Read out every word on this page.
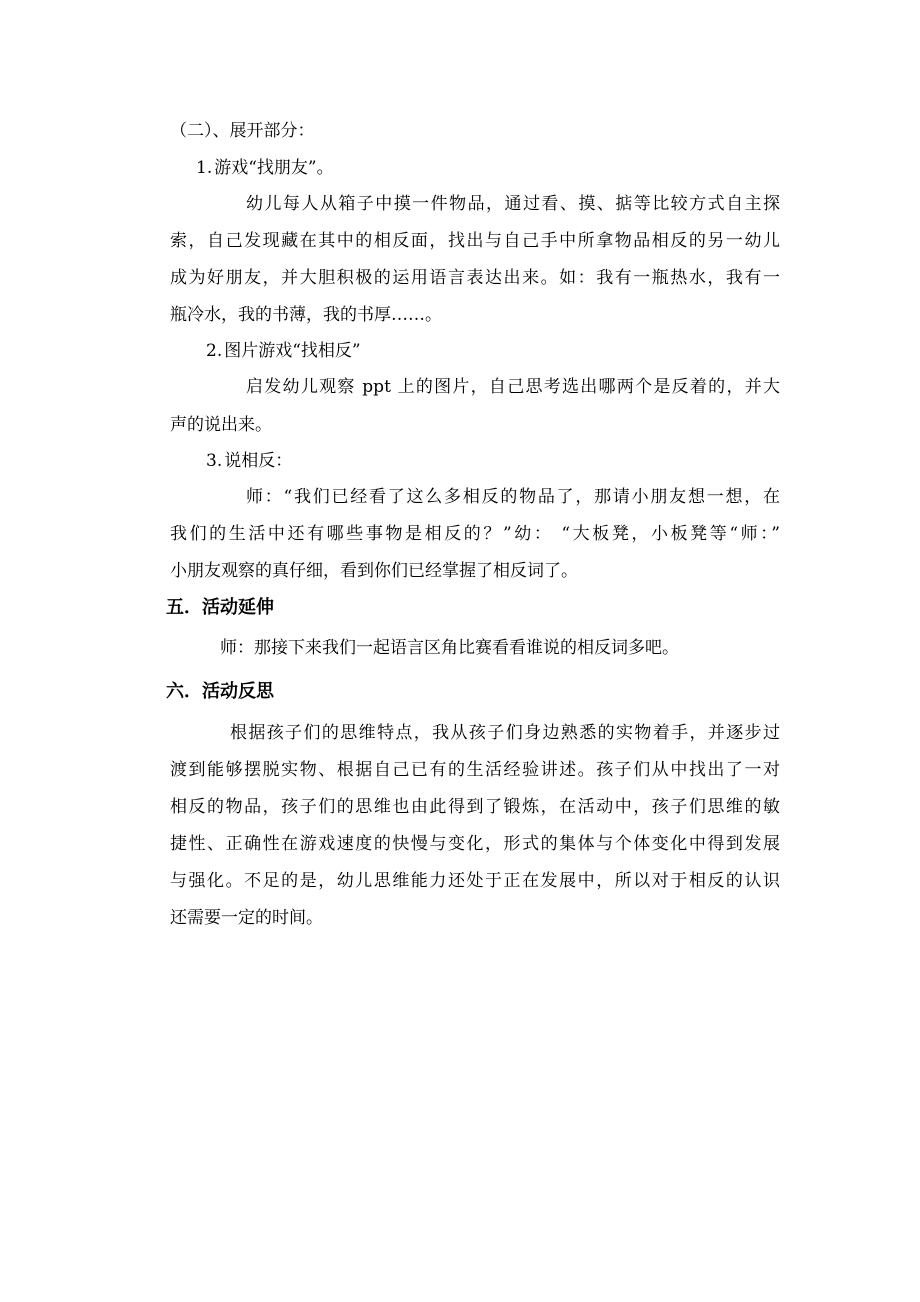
（二）、展开部分：
1. 游戏“找朋友”。
幼儿每人从箱子中摸一件物品，通过看、摸、掂等比较方式自主探
索，自己发现藏在其中的相反面，找出与自己手中所拿物品相反的另一幼儿
成为好朋友，并大胆积极的运用语言表达出来。如：我有一瓶热水，我有一
瓶冷水，我的书薄，我的书厚……。
2. 图片游戏“找相反”
启发幼儿观察 ppt 上的图片，自己思考选出哪两个是反着的，并大
声的说出来。
3. 说相反：
师：“我们已经看了这么多相反的物品了，那请小朋友想一想，在
我们的生活中还有哪些事物是相反的？”幼： “大板凳，小板凳等“师：”
小朋友观察的真仔细，看到你们已经掌握了相反词了。
五．活动延伸
师：那接下来我们一起语言区角比赛看看谁说的相反词多吧。
六．活动反思
根据孩子们的思维特点，我从孩子们身边熟悉的实物着手，并逐步过
渡到能够摆脱实物、根据自己已有的生活经验讲述。孩子们从中找出了一对
相反的物品，孩子们的思维也由此得到了锻炼，在活动中，孩子们思维的敏
捷性、正确性在游戏速度的快慢与变化，形式的集体与个体变化中得到发展
与强化。不足的是，幼儿思维能力还处于正在发展中，所以对于相反的认识
还需要一定的时间。
